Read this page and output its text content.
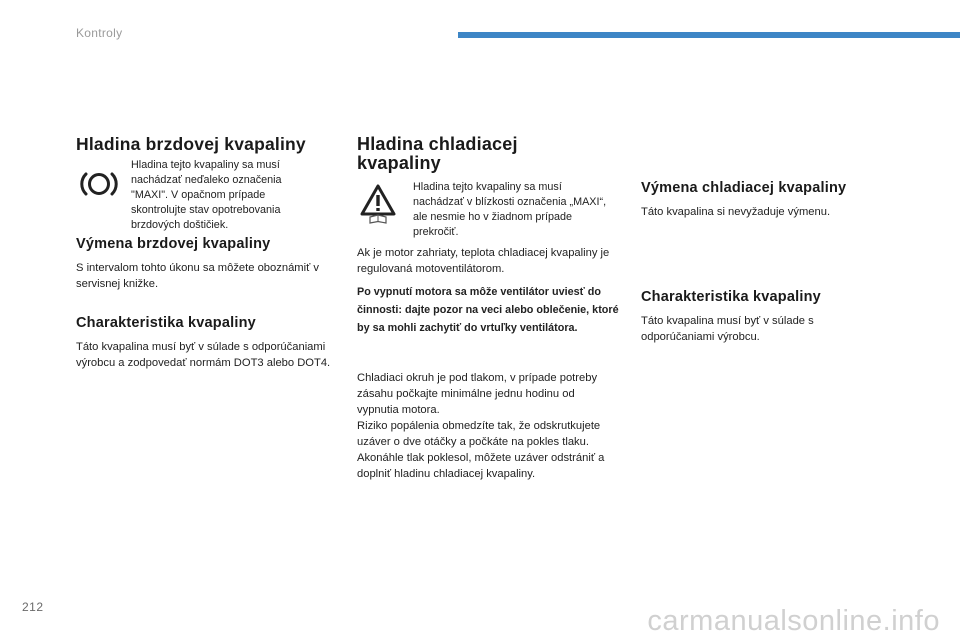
Kontroly
Hladina brzdovej kvapaliny

Hladina tejto kvapaliny sa musí nachádzať neďaleko označenia "MAXI". V opačnom prípade skontrolujte stav opotrebovania brzdových doštičiek.

Výmena brzdovej kvapaliny

S intervalom tohto úkonu sa môžete oboznámiť v servisnej knižke.

Charakteristika kvapaliny

Táto kvapalina musí byť v súlade s odporúčaniami výrobcu a zodpovedať normám DOT3 alebo DOT4.

Hladina chladiacej
kvapaliny

Hladina tejto kvapaliny sa musí nachádzať v blízkosti označenia „MAXI“, ale nesmie ho v žiadnom prípade prekročiť.

Ak je motor zahriaty, teplota chladiacej kvapaliny je regulovaná motoventilátorom.

Po vypnutí motora sa môže ventilátor uviesť do činnosti: dajte pozor na veci alebo oblečenie, ktoré by sa mohli zachytiť do vrtuľky ventilátora.

Chladiaci okruh je pod tlakom, v prípade potreby zásahu počkajte minimálne jednu hodinu od vypnutia motora.

Riziko popálenia obmedzíte tak, že odskrutkujete uzáver o dve otáčky a počkáte na pokles tlaku. Akonáhle tlak poklesol, môžete uzáver odstrániť a doplniť hladinu chladiacej kvapaliny.

Výmena chladiacej kvapaliny

Táto kvapalina si nevyžaduje výmenu.

Charakteristika kvapaliny

Táto kvapalina musí byť v súlade s odporúčaniami výrobcu.

212	carmanualsonline.info
